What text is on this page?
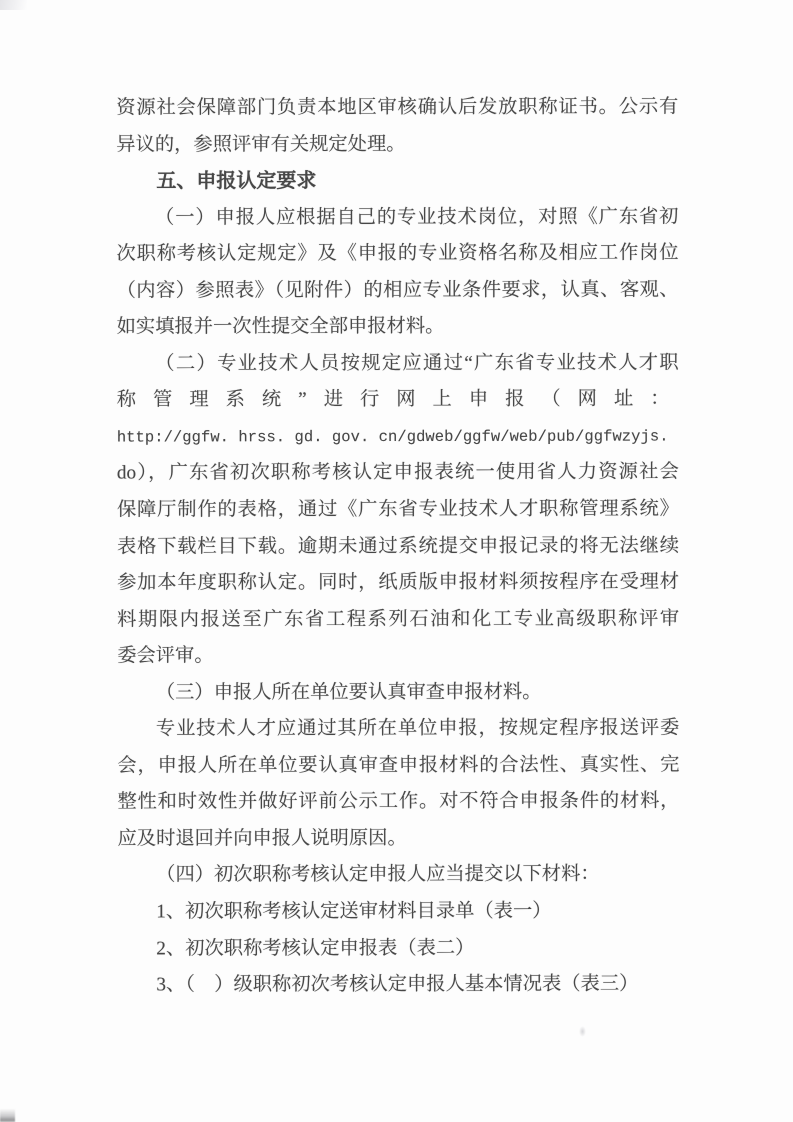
资源社会保障部门负责本地区审核确认后发放职称证书。公示有
异议的，参照评审有关规定处理。
五、申报认定要求
（一）申报人应根据自己的专业技术岗位，对照《广东省初
次职称考核认定规定》及《申报的专业资格名称及相应工作岗位
（内容）参照表》（见附件）的相应专业条件要求，认真、客观、
如实填报并一次性提交全部申报材料。
（二）专业技术人员按规定应通过“广东省专业技术人才职
称管理系统”进行网上申报（网址：
http://ggfw. hrss. gd. gov. cn/gdweb/ggfw/web/pub/ggfwzyjs.
do），广东省初次职称考核认定申报表统一使用省人力资源社会
保障厅制作的表格，通过《广东省专业技术人才职称管理系统》
表格下载栏目下载。逾期未通过系统提交申报记录的将无法继续
参加本年度职称认定。同时，纸质版申报材料须按程序在受理材
料期限内报送至广东省工程系列石油和化工专业高级职称评审
委会评审。
（三）申报人所在单位要认真审查申报材料。
专业技术人才应通过其所在单位申报，按规定程序报送评委
会，申报人所在单位要认真审查申报材料的合法性、真实性、完
整性和时效性并做好评前公示工作。对不符合申报条件的材料，
应及时退回并向申报人说明原因。
（四）初次职称考核认定申报人应当提交以下材料：
1、初次职称考核认定送审材料目录单（表一）
2、初次职称考核认定申报表（表二）
3、（　）级职称初次考核认定申报人基本情况表（表三）
